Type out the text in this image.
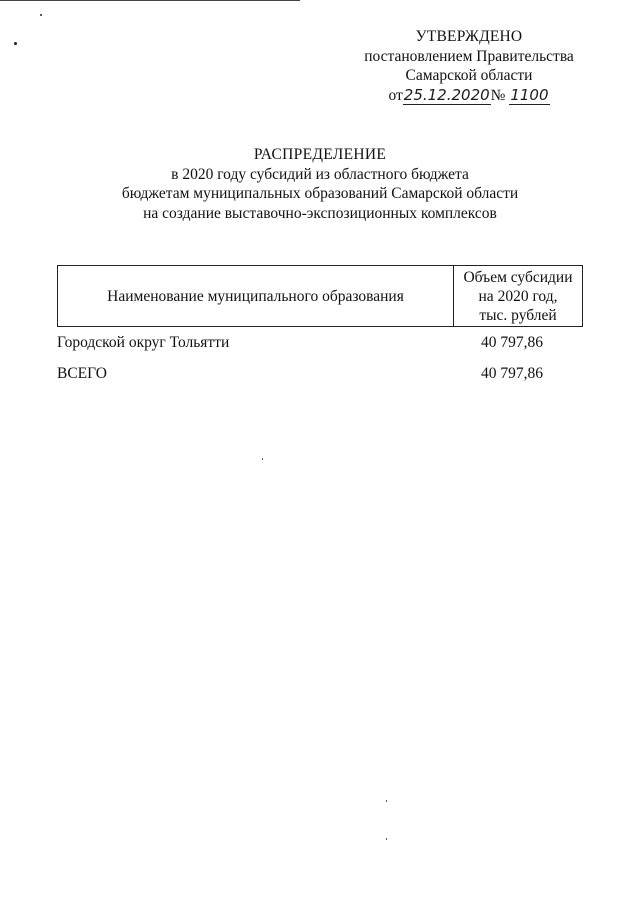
УТВЕРЖДЕНО
постановлением Правительства
Самарской области
от25.12.2020№ 1100
РАСПРЕДЕЛЕНИЕ
в 2020 году субсидий из областного бюджета
бюджетам муниципальных образований Самарской области
на создание выставочно-экспозиционных комплексов
Наименование муниципального образования
Объем субсидии
на 2020 год,
тыс. рублей
Городской округ Тольятти	40 797,86
ВСЕГО	40 797,86
